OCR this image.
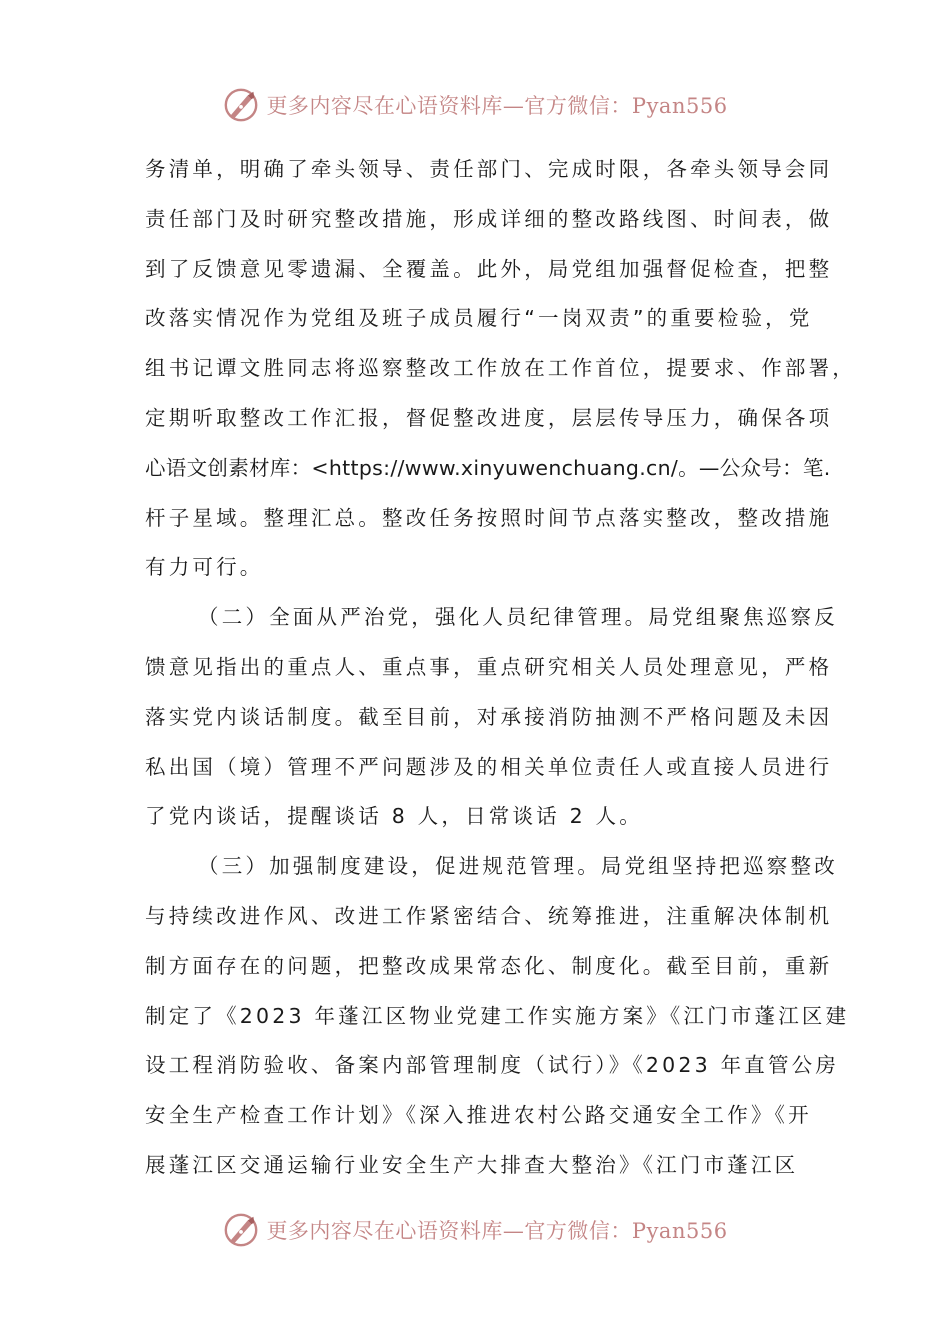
更多内容尽在心语资料库—官方微信：Pyan556
务清单，明确了牵头领导、责任部门、完成时限，各牵头领导会同
责任部门及时研究整改措施，形成详细的整改路线图、时间表，做
到了反馈意见零遗漏、全覆盖。此外，局党组加强督促检查，把整
改落实情况作为党组及班子成员履行“一岗双责”的重要检验，党
组书记谭文胜同志将巡察整改工作放在工作首位，提要求、作部署，
定期听取整改工作汇报，督促整改进度，层层传导压力，确保各项
心语文创素材库：<https://www.xinyuwenchuang.cn/。—公众号：笔.
杆子星域。整理汇总。整改任务按照时间节点落实整改，整改措施
有力可行。
（二）全面从严治党，强化人员纪律管理。局党组聚焦巡察反
馈意见指出的重点人、重点事，重点研究相关人员处理意见，严格
落实党内谈话制度。截至目前，对承接消防抽测不严格问题及未因
私出国（境）管理不严问题涉及的相关单位责任人或直接人员进行
了党内谈话，提醒谈话 8 人，日常谈话 2 人。
（三）加强制度建设，促进规范管理。局党组坚持把巡察整改
与持续改进作风、改进工作紧密结合、统筹推进，注重解决体制机
制方面存在的问题，把整改成果常态化、制度化。截至目前，重新
制定了《2023 年蓬江区物业党建工作实施方案》《江门市蓬江区建
设工程消防验收、备案内部管理制度（试行）》《2023 年直管公房
安全生产检查工作计划》《深入推进农村公路交通安全工作》《开
展蓬江区交通运输行业安全生产大排查大整治》《江门市蓬江区
更多内容尽在心语资料库—官方微信：Pyan556
